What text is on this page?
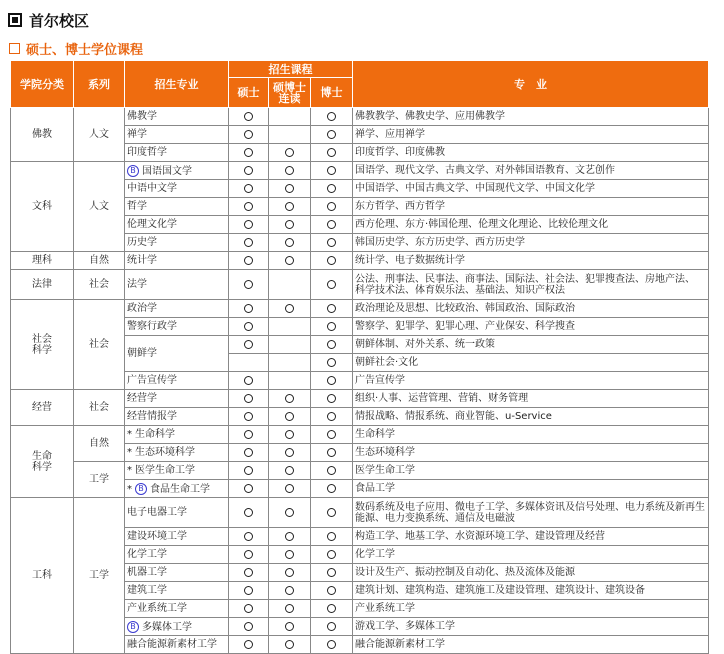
首尔校区
硕士、博士学位课程
学院分类	系列	招生专业	招生课程			专　业
			硕士	硕博士连读	博士	
佛教	人文	佛教学				佛教教学、佛教史学、应用佛教学
		禅学				禅学、应用禅学
		印度哲学				印度哲学、印度佛教
文科	人文	B 国语国文学				国语学、现代文学、古典文学、对外韩国语教育、文艺创作
		中语中文学				中国语学、中国古典文学、中国现代文学、中国文化学
		哲学				东方哲学、西方哲学
		伦理文化学				西方伦理、东方·韩国伦理、伦理文化理论、比较伦理文化
		历史学				韩国历史学、东方历史学、西方历史学
理科	自然	统计学				统计学、电子数据统计学
法律	社会	法学				公法、刑事法、民事法、商事法、国际法、社会法、犯罪搜查法、房地产法、 科学技术法、体育娱乐法、基础法、知识产权法
社会科学	社会	政治学				政治理论及思想、比较政治、韩国政治、国际政治
		警察行政学				警察学、犯罪学、犯罪心理、产业保安、科学搜查
		朝鲜学				朝鲜体制、对外关系、统一政策
						朝鲜社会·文化
		广告宣传学				广告宣传学
经营	社会	经营学				组织·人事、运营管理、营销、财务管理
		经营情报学				情报战略、情报系统、商业智能、u-Service
生命科学	自然	* 生命科学				生命科学
		* 生态环境科学				生态环境科学
	工学	* 医学生命工学				医学生命工学
		* B 食品生命工学				食品工学
工科	工学	电子电器工学				数码系统及电子应用、微电子工学、多媒体资讯及信号处理、电力系统及新再生能源、电力变换系统、通信及电磁波
		建设环境工学				构造工学、地基工学、水资源环境工学、建设管理及经营
		化学工学				化学工学
		机器工学				设计及生产、振动控制及自动化、热及流体及能源
		建筑工学				建筑计划、建筑构造、建筑施工及建设管理、建筑设计、建筑设备
		产业系统工学				产业系统工学
		B 多媒体工学				游戏工学、多媒体工学
		融合能源新素材工学				融合能源新素材工学
